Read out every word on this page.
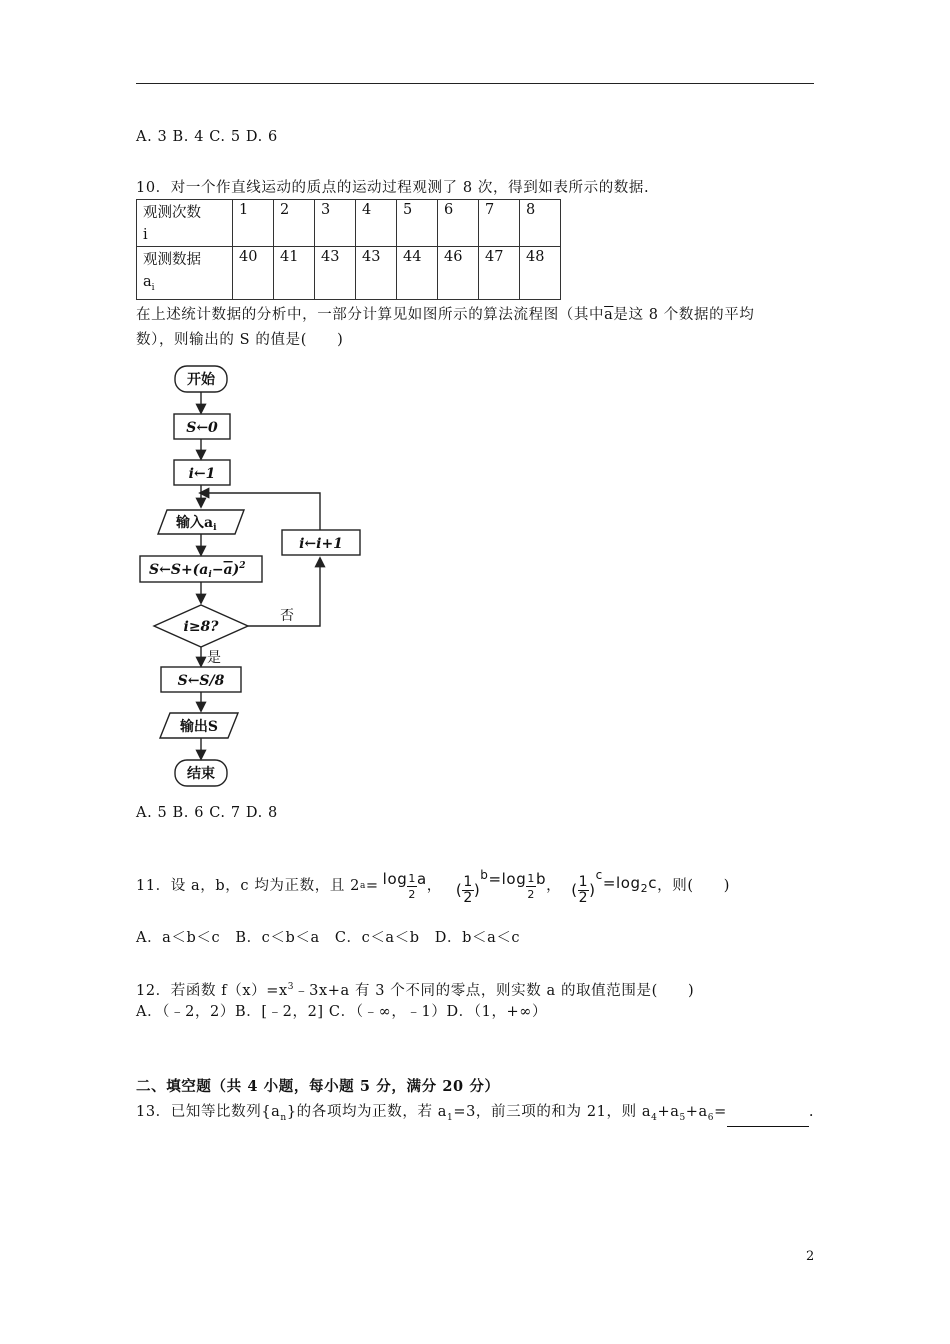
A. 3 B. 4 C. 5 D. 6
10．对一个作直线运动的质点的运动过程观测了 8 次，得到如表所示的数据.
观测次数
i	1	2	3	4	5	6	7	8
观测数据
$a_i$	40	41	43	43	44	46	47	48
在上述统计数据的分析中，一部分计算见如图所示的算法流程图（其中$\overline{a}$是这 8 个数据的平均
数），则输出的 S 的值是(　　)
开始
S←0
i←1
输入$a_i$
$S\leftarrow S+(a_i-a)^2$
i≥8?
否
是
i←i+1
S←S/8
输出S
结束
A. 5 B. 6 C. 7 D. 8
11．设 a，b，c 均为正数，且 2 $a = \log \frac{1}{2}$ a ， ( $\frac{1}{2} )^b =\log \frac{1}{2}$ b ， ( $\frac{1}{2} )^c =\log_2c$ ，则(　　)
A．a＜b＜c　B．c＜b＜a　C．c＜a＜b　D．b＜a＜c
12．若函数 $f(x)=x^3﹣3x+a$ 有 3 个不同的零点，则实数 a 的取值范围是(　　)
A．（﹣2，2）B．[﹣2，2] C．（﹣∞，﹣1）D．（1，+∞）
二、填空题（共 4 小题，每小题 5 分，满分 20 分）
13．已知等比数列$\{a_n\}$的各项均为正数，若 $a_1=3$，前三项的和为 21，则 $a_4+a_5+a_6=$	.
2
